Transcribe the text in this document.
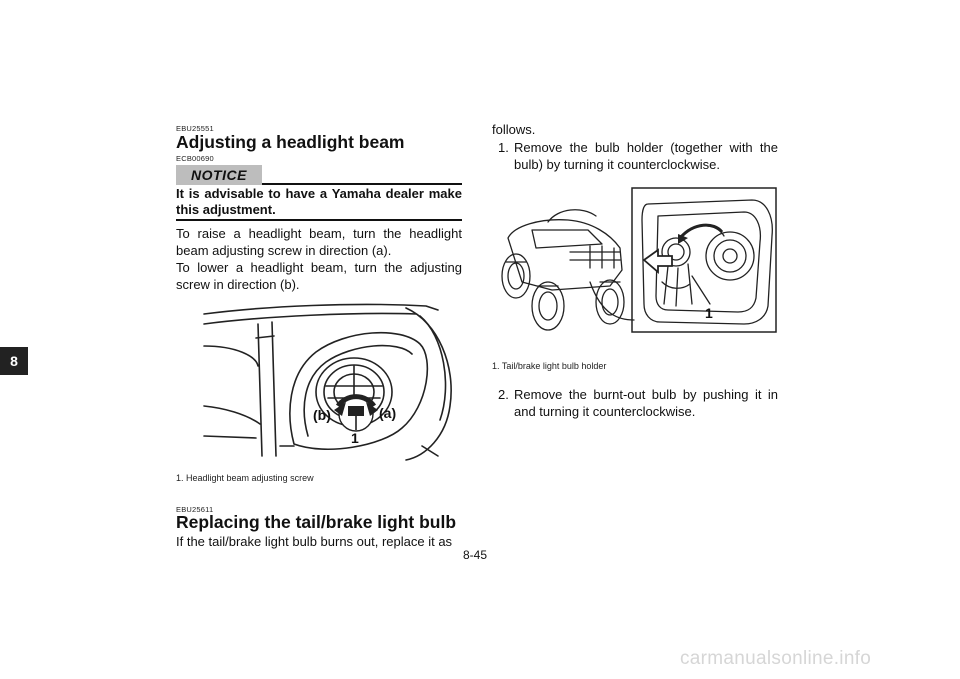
8
EBU25551
Adjusting a headlight beam
ECB00690
NOTICE
It is advisable to have a Yamaha dealer make this adjustment.
To raise a headlight beam, turn the headlight beam adjusting screw in direction (a).
To lower a headlight beam, turn the adjusting screw in direction (b).
(b)	(a)
1
1. Headlight beam adjusting screw
EBU25611
Replacing the tail/brake light bulb
If the tail/brake light bulb burns out, replace it as
follows.
1. Remove the bulb holder (together with the bulb) by turning it counterclockwise.
1
1. Tail/brake light bulb holder
2. Remove the burnt-out bulb by pushing it in and turning it counterclockwise.
8-45
carmanualsonline.info
